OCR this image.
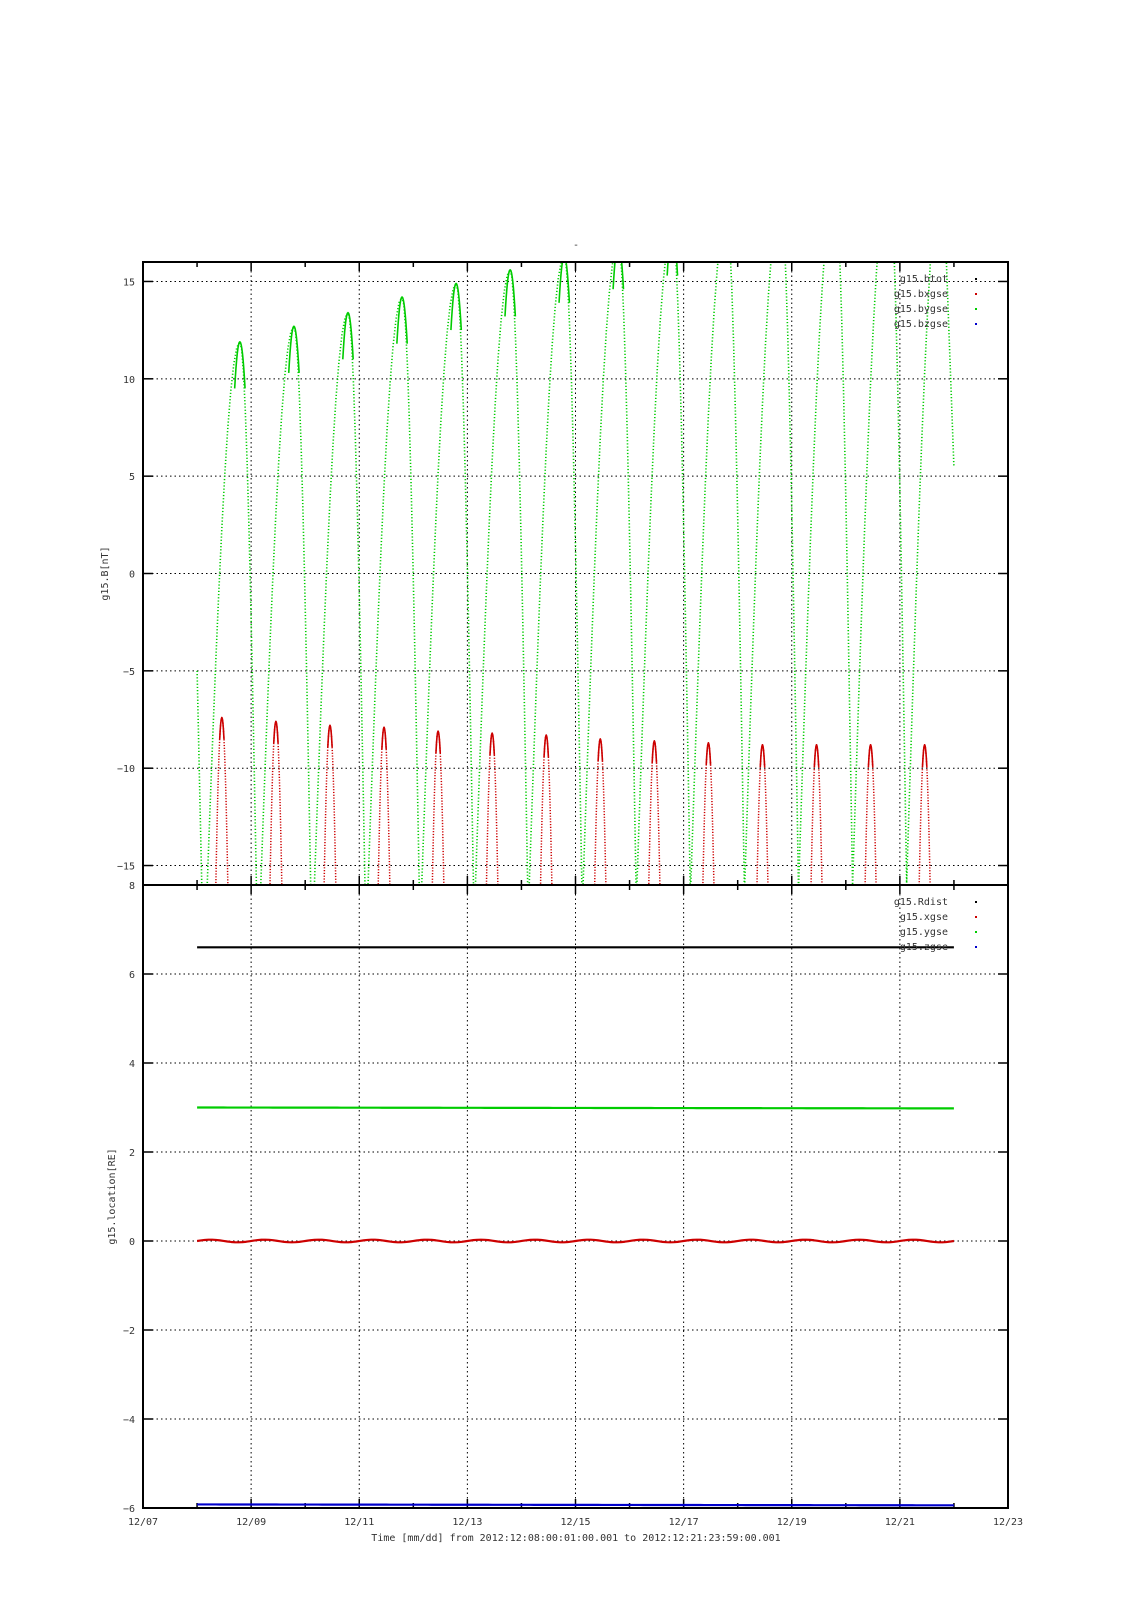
-
15
10
5
0
−5
−10
−15
g15.B[nT]
g15.btot
g15.bxgse
g15.bygse
g15.bzgse
8
6
4
2
0
−2
−4
−6
g15.location[RE]
g15.Rdist
g15.xgse
g15.ygse
g15.zgse
12/07	12/09	12/11	12/13	12/15	12/17	12/19	12/21	12/23
Time [mm/dd] from 2012:12:08:00:01:00.001 to 2012:12:21:23:59:00.001
